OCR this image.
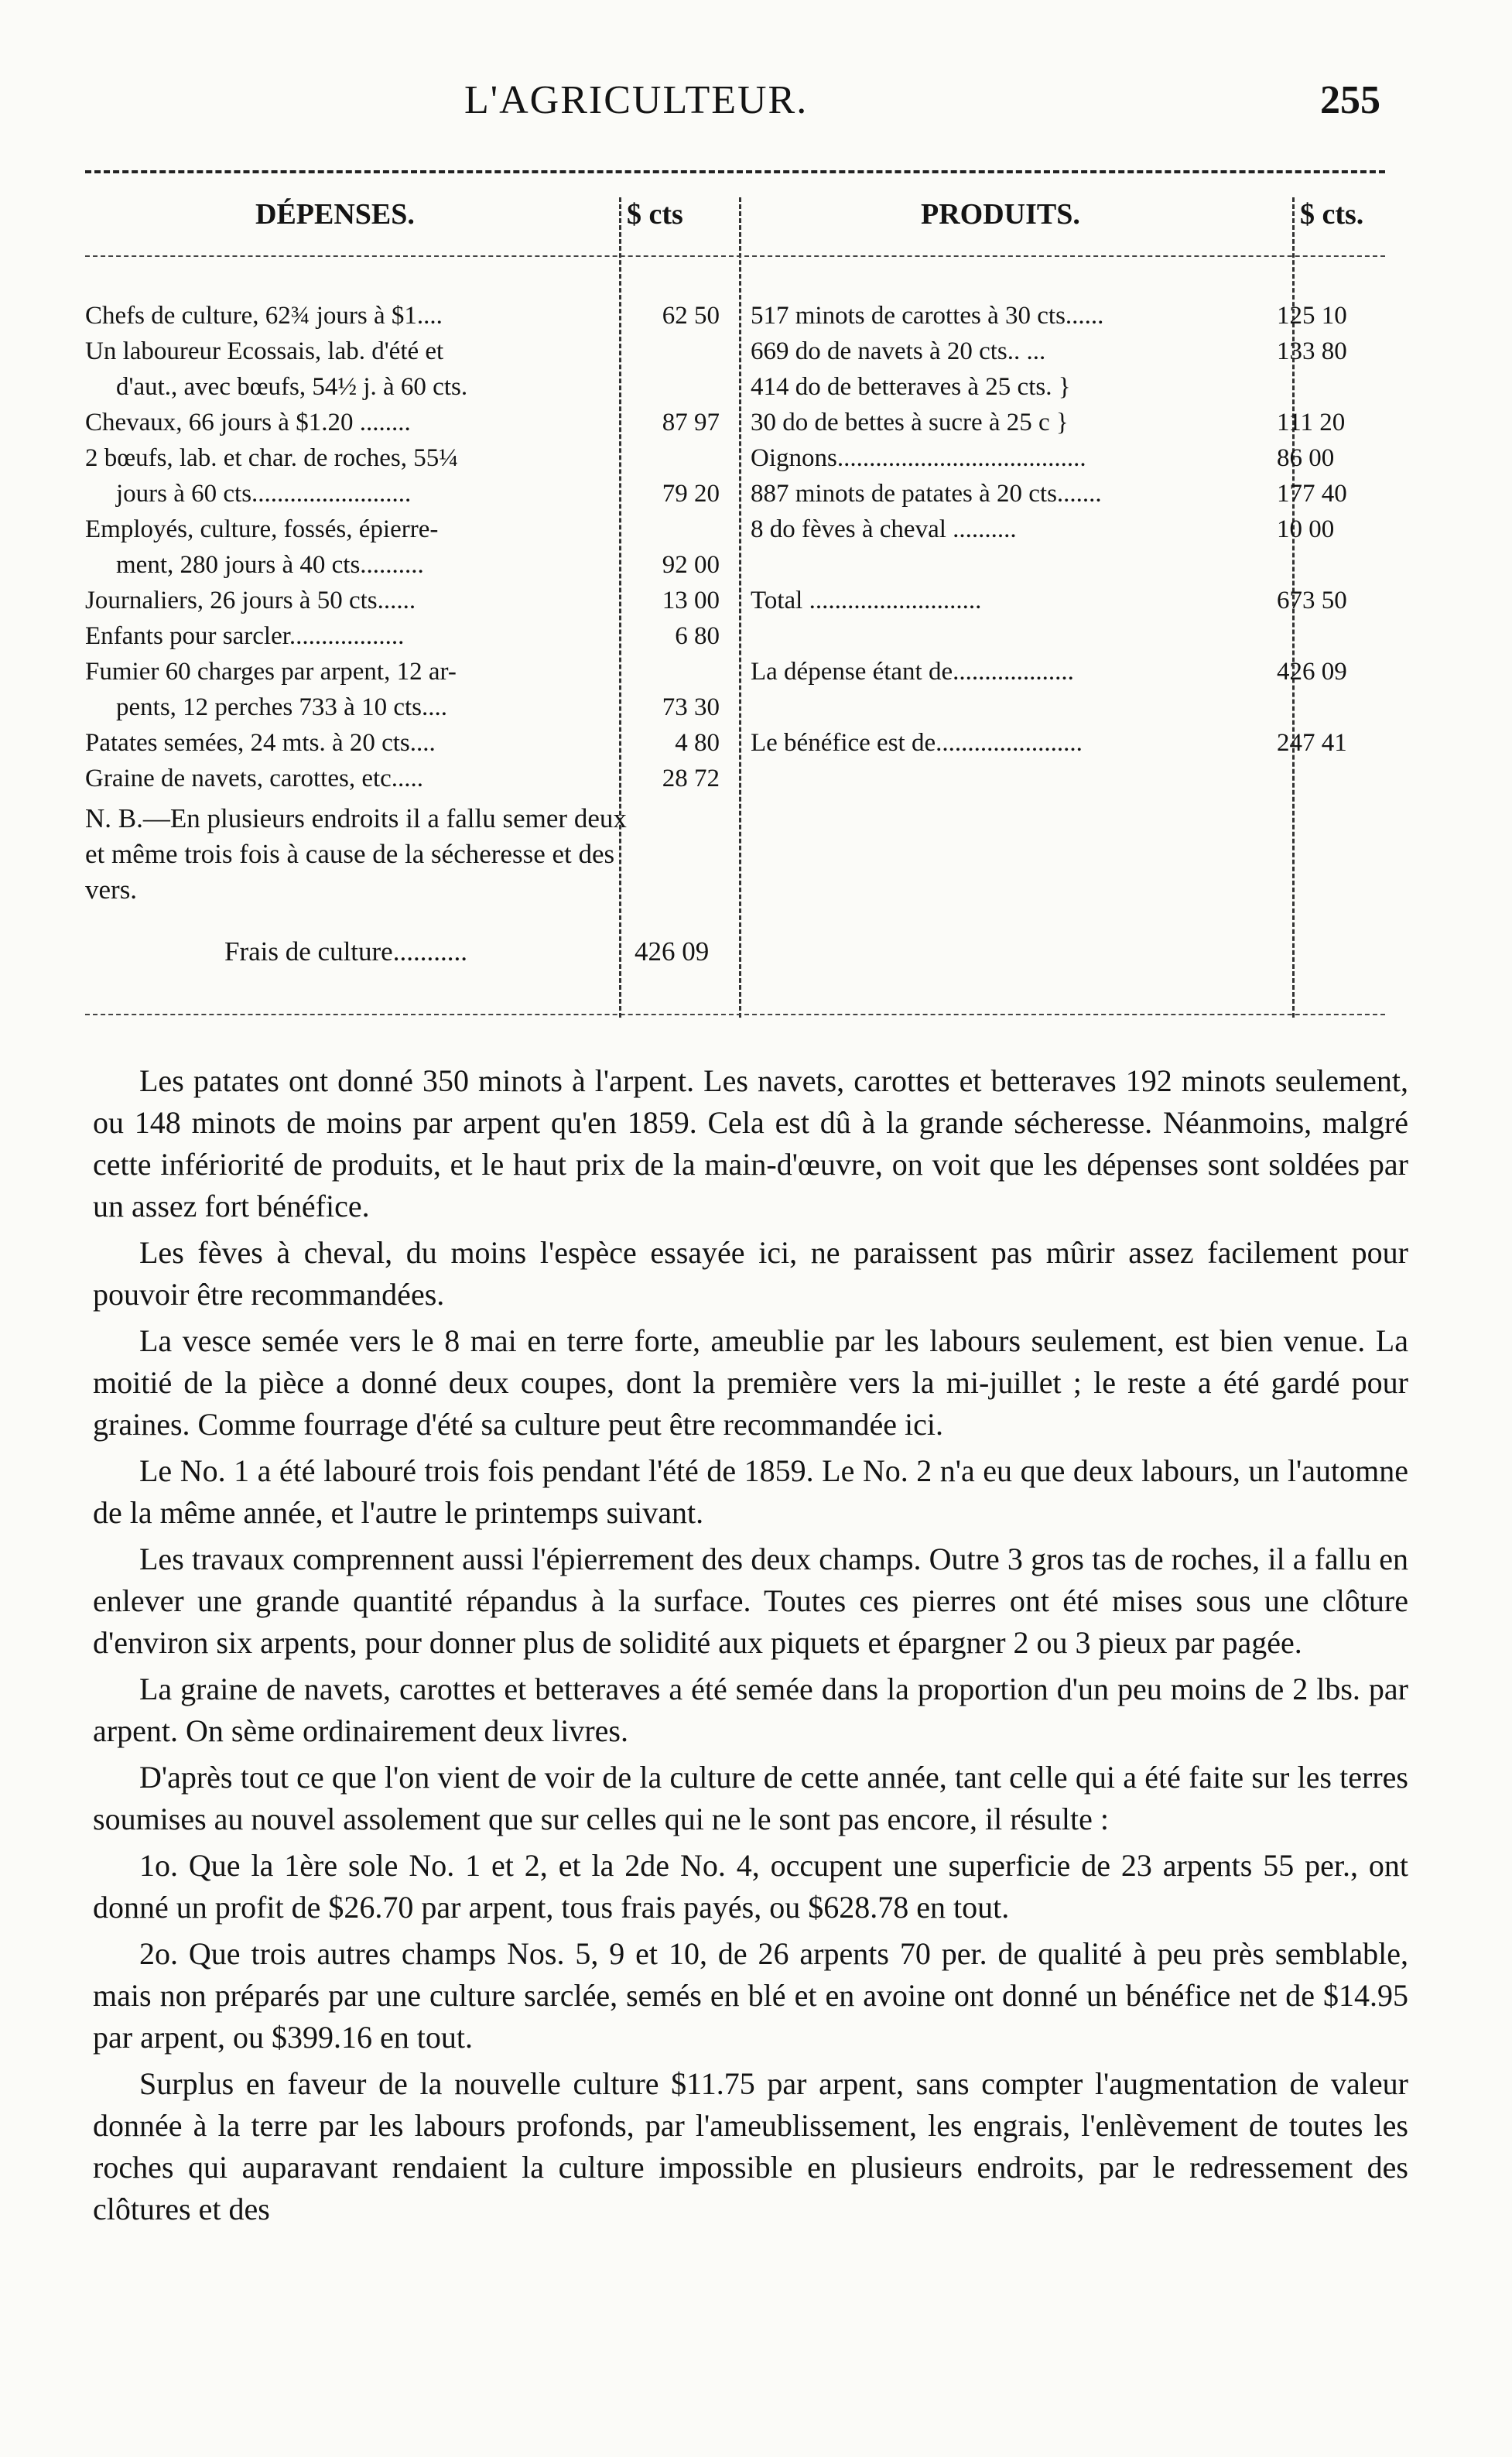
L'AGRICULTEUR.	255
DÉPENSES.	$ cts	PRODUITS.	$ cts.
Chefs de culture, 62¾ jours à $1....	62 50
Un laboureur Ecossais, lab. d'été et
d'aut., avec bœufs, 54½ j. à 60 cts.
Chevaux, 66 jours à $1.20 ........	87 97
2 bœufs, lab. et char. de roches, 55¼
jours à 60 cts.........................	79 20
Employés, culture, fossés, épierre-
ment, 280 jours à 40 cts..........	92 00
Journaliers, 26 jours à 50 cts......	13 00
Enfants pour sarcler..................	6 80
Fumier 60 charges par arpent, 12 ar-
pents, 12 perches 733 à 10 cts....	73 30
Patates semées, 24 mts. à 20 cts....	4 80
Graine de navets, carottes, etc.....	28 72
517 minots de carottes à 30 cts......	125 10
669 do de navets à 20 cts.. ...	133 80
414 do de betteraves à 25 cts. }
30 do de bettes à sucre à 25 c }	111 20
Oignons.......................................	86 00
887 minots de patates à 20 cts.......	177 40
8 do fèves à cheval ..........	10 00
Total ...........................	673 50
La dépense étant de...................	426 09
Le bénéfice est de.......................	247 41
N. B.—En plusieurs endroits il a fallu semer deux et même trois fois à cause de la sécheresse et des vers.
Frais de culture...........	426 09

Les patates ont donné 350 minots à l'arpent. Les navets, carottes et betteraves 192 minots seulement, ou 148 minots de moins par arpent qu'en 1859. Cela est dû à la grande sécheresse. Néanmoins, malgré cette infériorité de produits, et le haut prix de la main-d'œuvre, on voit que les dépenses sont soldées par un assez fort bénéfice.

Les fèves à cheval, du moins l'espèce essayée ici, ne paraissent pas mûrir assez facilement pour pouvoir être recommandées.

La vesce semée vers le 8 mai en terre forte, ameublie par les labours seulement, est bien venue. La moitié de la pièce a donné deux coupes, dont la première vers la mi-juillet ; le reste a été gardé pour graines. Comme fourrage d'été sa culture peut être recommandée ici.

Le No. 1 a été labouré trois fois pendant l'été de 1859. Le No. 2 n'a eu que deux labours, un l'automne de la même année, et l'autre le printemps suivant.

Les travaux comprennent aussi l'épierrement des deux champs. Outre 3 gros tas de roches, il a fallu en enlever une grande quantité répandus à la surface. Toutes ces pierres ont été mises sous une clôture d'environ six arpents, pour donner plus de solidité aux piquets et épargner 2 ou 3 pieux par pagée.

La graine de navets, carottes et betteraves a été semée dans la proportion d'un peu moins de 2 lbs. par arpent. On sème ordinairement deux livres.

D'après tout ce que l'on vient de voir de la culture de cette année, tant celle qui a été faite sur les terres soumises au nouvel assolement que sur celles qui ne le sont pas encore, il résulte :

1o. Que la 1ère sole No. 1 et 2, et la 2de No. 4, occupent une superficie de 23 arpents 55 per., ont donné un profit de $26.70 par arpent, tous frais payés, ou $628.78 en tout.

2o. Que trois autres champs Nos. 5, 9 et 10, de 26 arpents 70 per. de qualité à peu près semblable, mais non préparés par une culture sarclée, semés en blé et en avoine ont donné un bénéfice net de $14.95 par arpent, ou $399.16 en tout.

Surplus en faveur de la nouvelle culture $11.75 par arpent, sans compter l'augmentation de valeur donnée à la terre par les labours profonds, par l'ameublissement, les engrais, l'enlèvement de toutes les roches qui auparavant rendaient la culture impossible en plusieurs endroits, par le redressement des clôtures et des
